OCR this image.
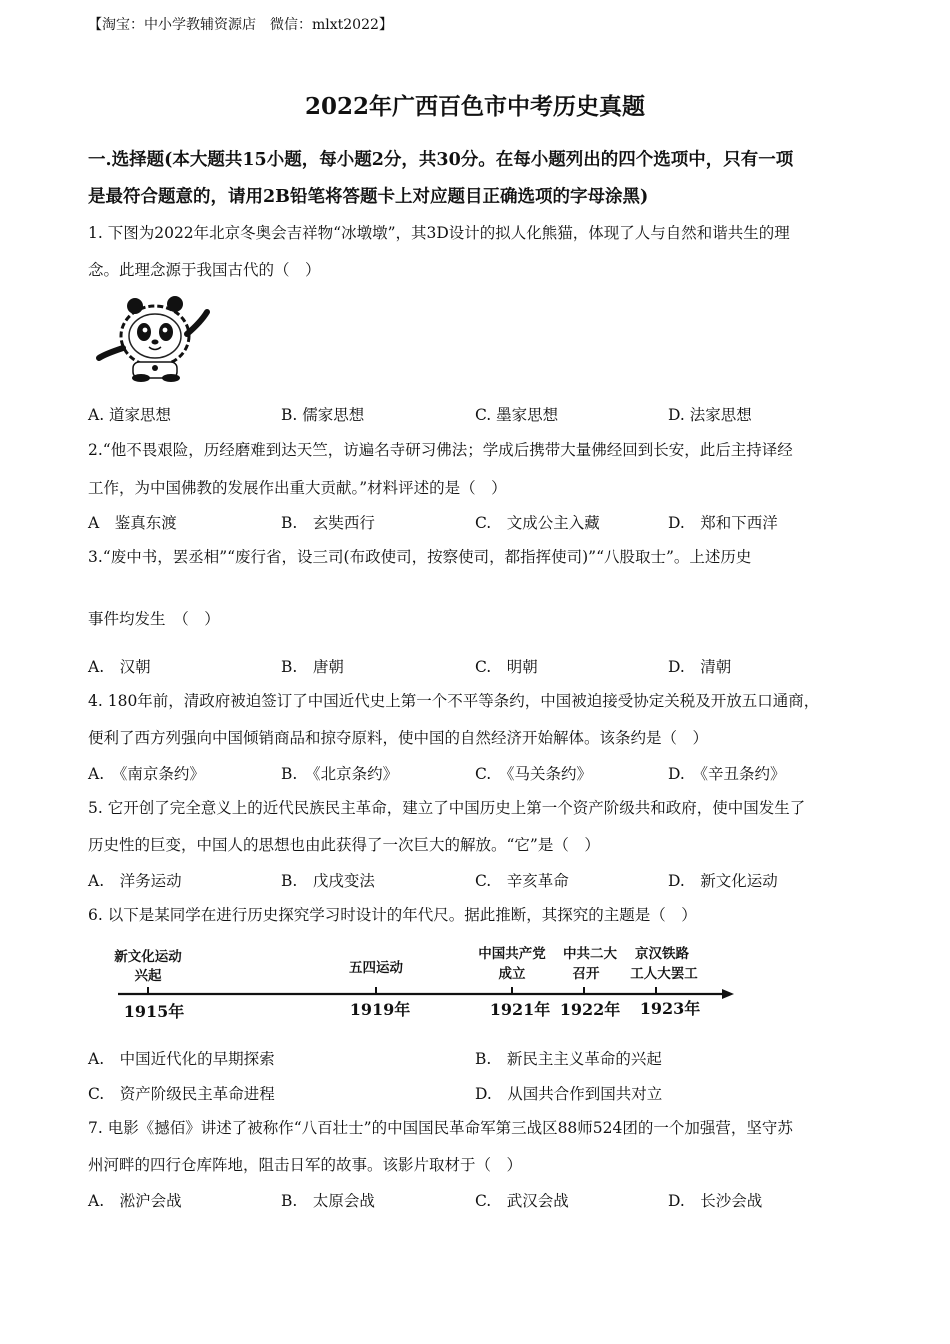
【淘宝：中小学教辅资源店　微信：mlxt2022】
2022年广西百色市中考历史真题
一.选择题(本大题共15小题，每小题2分，共30分。在每小题列出的四个选项中，只有一项
是最符合题意的，请用2B铅笔将答题卡上对应题目正确选项的字母涂黑)
1. 下图为2022年北京冬奥会吉祥物“冰墩墩”，其3D设计的拟人化熊猫，体现了人与自然和谐共生的理
念。此理念源于我国古代的（　）
A. 道家思想	B. 儒家思想	C. 墨家思想	D. 法家思想
2.“他不畏艰险，历经磨难到达天竺，访遍名寺研习佛法；学成后携带大量佛经回到长安，此后主持译经
工作，为中国佛教的发展作出重大贡献。”材料评述的是（　）
A　鉴真东渡	B.　玄奘西行	C.　文成公主入藏	D.　郑和下西洋
3.“废中书，罢丞相”“废行省，设三司(布政使司，按察使司，都指挥使司)”“八股取士”。上述历史
事件均发生　（　）
A.　汉朝	B.　唐朝	C.　明朝	D.　清朝
4. 180年前，清政府被迫签订了中国近代史上第一个不平等条约，中国被迫接受协定关税及开放五口通商，
便利了西方列强向中国倾销商品和掠夺原料，使中国的自然经济开始解体。该条约是（　）
A.　《南京条约》	B.　《北京条约》	C.　《马关条约》	D.　《辛丑条约》
5. 它开创了完全意义上的近代民族民主革命，建立了中国历史上第一个资产阶级共和政府，使中国发生了
历史性的巨变，中国人的思想也由此获得了一次巨大的解放。“它”是（　）
A.　洋务运动	B.　戊戌变法	C.　辛亥革命	D.　新文化运动
6. 以下是某同学在进行历史探究学习时设计的年代尺。据此推断，其探究的主题是（　）
新文化运动
兴起
1915年
五四运动
1919年
中国共产党
成立
1921年
中共二大
召开
1922年
京汉铁路
工人大罢工
1923年
A.　中国近代化的早期探索	B.　新民主主义革命的兴起
C.　资产阶级民主革命进程	D.　从国共合作到国共对立
7. 电影《撼佰》讲述了被称作“八百壮士”的中国国民革命军第三战区88师524团的一个加强营，坚守苏
州河畔的四行仓库阵地，阻击日军的故事。该影片取材于（　）
A.　淞沪会战	B.　太原会战	C.　武汉会战	D.　长沙会战
